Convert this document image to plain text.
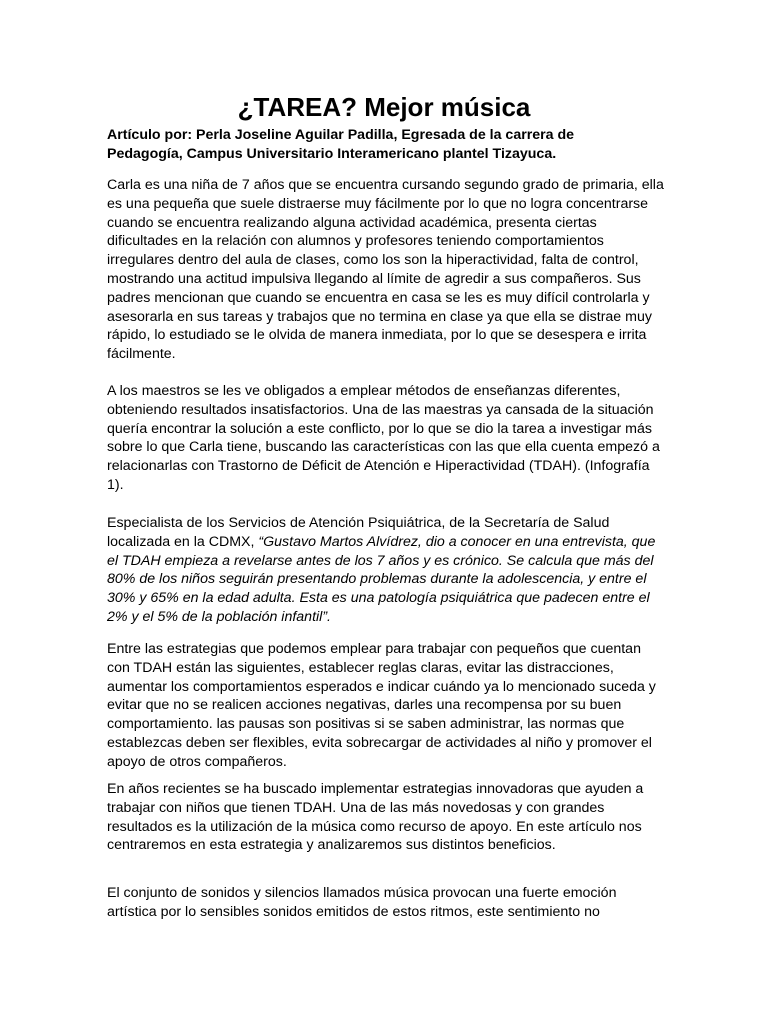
¿TAREA? Mejor música

Artículo por: Perla Joseline Aguilar Padilla, Egresada de la carrera de
Pedagogía, Campus Universitario Interamericano plantel Tizayuca.

Carla es una niña de 7 años que se encuentra cursando segundo grado de primaria, ella es una pequeña que suele distraerse muy fácilmente por lo que no logra concentrarse cuando se encuentra realizando alguna actividad académica, presenta ciertas dificultades en la relación con alumnos y profesores teniendo comportamientos irregulares dentro del aula de clases, como los son la hiperactividad, falta de control, mostrando una actitud impulsiva llegando al límite de agredir a sus compañeros. Sus padres mencionan que cuando se encuentra en casa se les es muy difícil controlarla y asesorarla en sus tareas y trabajos que no termina en clase ya que ella se distrae muy rápido, lo estudiado se le olvida de manera inmediata, por lo que se desespera e irrita fácilmente.

A los maestros se les ve obligados a emplear métodos de enseñanzas diferentes, obteniendo resultados insatisfactorios. Una de las maestras ya cansada de la situación quería encontrar la solución a este conflicto, por lo que se dio la tarea a investigar más sobre lo que Carla tiene, buscando las características con las que ella cuenta empezó a relacionarlas con Trastorno de Déficit de Atención e Hiperactividad (TDAH). (Infografía 1).

Especialista de los Servicios de Atención Psiquiátrica, de la Secretaría de Salud localizada en la CDMX, “Gustavo Martos Alvídrez, dio a conocer en una entrevista, que el TDAH empieza a revelarse antes de los 7 años y es crónico. Se calcula que más del 80% de los niños seguirán presentando problemas durante la adolescencia, y entre el 30% y 65% en la edad adulta. Esta es una patología psiquiátrica que padecen entre el 2% y el 5% de la población infantil”.

Entre las estrategias que podemos emplear para trabajar con pequeños que cuentan con TDAH están las siguientes, establecer reglas claras, evitar las distracciones, aumentar los comportamientos esperados e indicar cuándo ya lo mencionado suceda y evitar que no se realicen acciones negativas, darles una recompensa por su buen comportamiento. las pausas son positivas si se saben administrar, las normas que establezcas deben ser flexibles, evita sobrecargar de actividades al niño y promover el apoyo de otros compañeros.

En años recientes se ha buscado implementar estrategias innovadoras que ayuden a trabajar con niños que tienen TDAH. Una de las más novedosas y con grandes resultados es la utilización de la música como recurso de apoyo. En este artículo nos centraremos en esta estrategia y analizaremos sus distintos beneficios.

El conjunto de sonidos y silencios llamados música provocan una fuerte emoción artística por lo sensibles sonidos emitidos de estos ritmos, este sentimiento no
